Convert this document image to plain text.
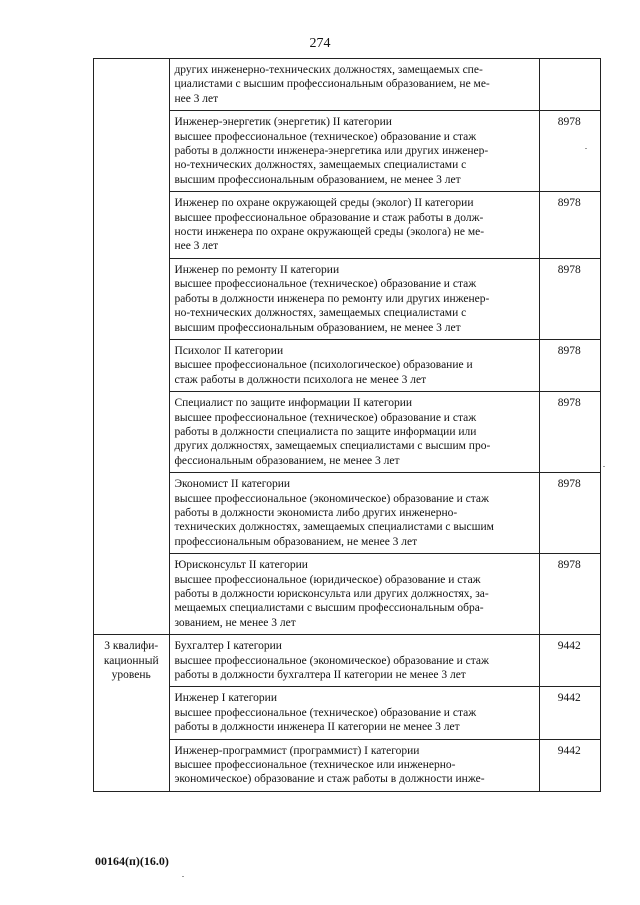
274

	других инженерно-технических должностях, замещаемых спе-
циалистами с высшим профессиональным образованием, не ме-
нее 3 лет	

	Инженер-энергетик (энергетик) II категории
высшее профессиональное (техническое) образование и стаж
работы в должности инженера-энергетика или других инженер-
но-технических должностях, замещаемых специалистами с
высшим профессиональным образованием, не менее 3 лет	8978

	Инженер по охране окружающей среды (эколог) II категории
высшее профессиональное образование и стаж работы в долж-
ности инженера по охране окружающей среды (эколога) не ме-
нее 3 лет	8978

	Инженер по ремонту II категории
высшее профессиональное (техническое) образование и стаж
работы в должности инженера по ремонту или других инженер-
но-технических должностях, замещаемых специалистами с
высшим профессиональным образованием, не менее 3 лет	8978

	Психолог II категории
высшее профессиональное (психологическое) образование и
стаж работы в должности психолога не менее 3 лет	8978

	Специалист по защите информации II категории
высшее профессиональное (техническое) образование и стаж
работы в должности специалиста по защите информации или
других должностях, замещаемых специалистами с высшим про-
фессиональным образованием, не менее 3 лет	8978

	Экономист II категории
высшее профессиональное (экономическое) образование и стаж
работы в должности экономиста либо других инженерно-
технических должностях, замещаемых специалистами с высшим
профессиональным образованием, не менее 3 лет	8978

	Юрисконсульт II категории
высшее профессиональное (юридическое) образование и стаж
работы в должности юрисконсульта или других должностях, за-
мещаемых специалистами с высшим профессиональным обра-
зованием, не менее 3 лет	8978

3 квалифи-
кационный
уровень	Бухгалтер I категории
высшее профессиональное (экономическое) образование и стаж
работы в должности бухгалтера II категории не менее 3 лет	9442

	Инженер I категории
высшее профессиональное (техническое) образование и стаж
работы в должности инженера II категории не менее 3 лет	9442

	Инженер-программист (программист) I категории
высшее профессиональное (техническое или инженерно-
экономическое) образование и стаж работы в должности инже-	9442
00164(п)(16.0)
